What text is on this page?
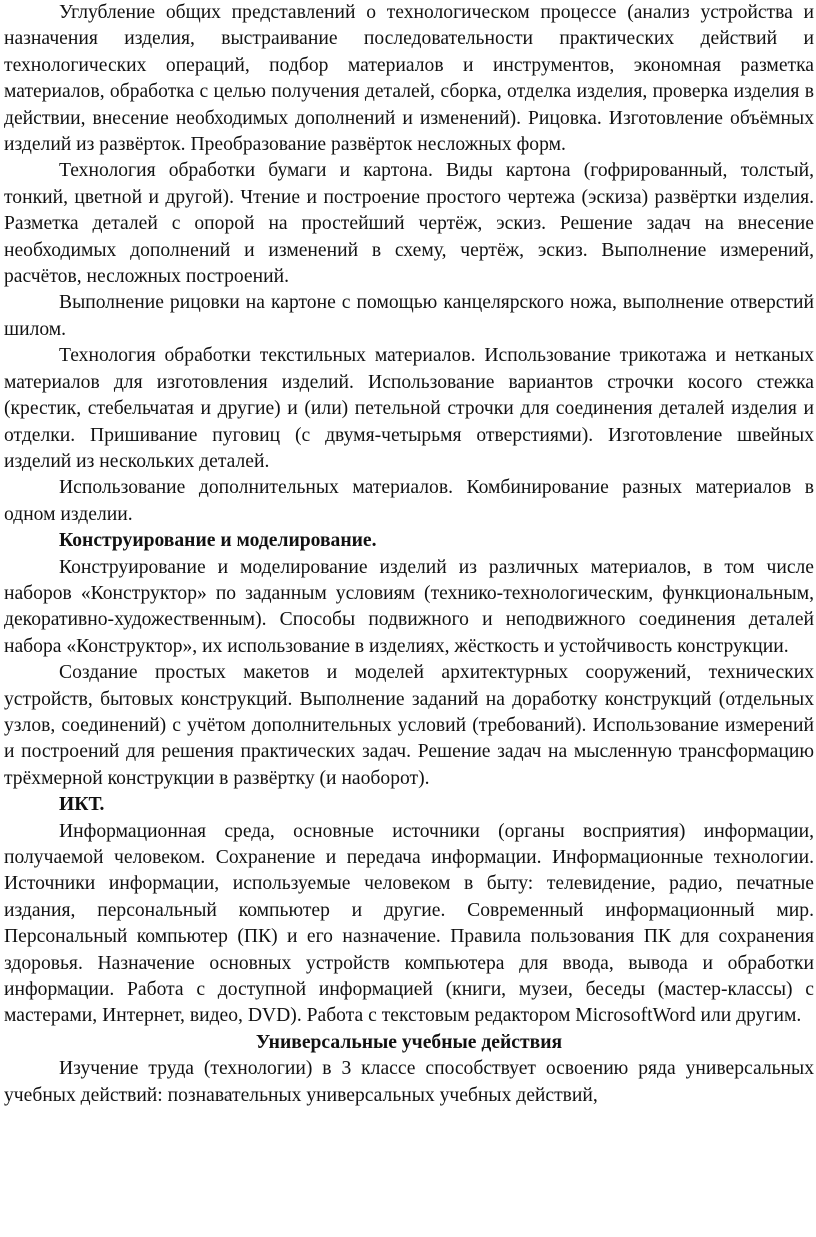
Углубление общих представлений о технологическом процессе (анализ устройства и назначения изделия, выстраивание последовательности практических действий и технологических операций, подбор материалов и инструментов, экономная разметка материалов, обработка с целью получения деталей, сборка, отделка изделия, проверка изделия в действии, внесение необходимых дополнений и изменений). Рицовка. Изготовление объёмных изделий из развёрток. Преобразование развёрток несложных форм.

Технология обработки бумаги и картона. Виды картона (гофрированный, толстый, тонкий, цветной и другой). Чтение и построение простого чертежа (эскиза) развёртки изделия. Разметка деталей с опорой на простейший чертёж, эскиз. Решение задач на внесение необходимых дополнений и изменений в схему, чертёж, эскиз. Выполнение измерений, расчётов, несложных построений.

Выполнение рицовки на картоне с помощью канцелярского ножа, выполнение отверстий шилом.

Технология обработки текстильных материалов. Использование трикотажа и нетканых материалов для изготовления изделий. Использование вариантов строчки косого стежка (крестик, стебельчатая и другие) и (или) петельной строчки для соединения деталей изделия и отделки. Пришивание пуговиц (с двумя-четырьмя отверстиями). Изготовление швейных изделий из нескольких деталей.

Использование дополнительных материалов. Комбинирование разных материалов в одном изделии.

Конструирование и моделирование.

Конструирование и моделирование изделий из различных материалов, в том числе наборов «Конструктор» по заданным условиям (технико-технологическим, функциональным, декоративно-художественным). Способы подвижного и неподвижного соединения деталей набора «Конструктор», их использование в изделиях, жёсткость и устойчивость конструкции.

Создание простых макетов и моделей архитектурных сооружений, технических устройств, бытовых конструкций. Выполнение заданий на доработку конструкций (отдельных узлов, соединений) с учётом дополнительных условий (требований). Использование измерений и построений для решения практических задач. Решение задач на мысленную трансформацию трёхмерной конструкции в развёртку (и наоборот).

ИКТ.

Информационная среда, основные источники (органы восприятия) информации, получаемой человеком. Сохранение и передача информации. Информационные технологии. Источники информации, используемые человеком в быту: телевидение, радио, печатные издания, персональный компьютер и другие. Современный информационный мир. Персональный компьютер (ПК) и его назначение. Правила пользования ПК для сохранения здоровья. Назначение основных устройств компьютера для ввода, вывода и обработки информации. Работа с доступной информацией (книги, музеи, беседы (мастер-классы) с мастерами, Интернет, видео, DVD). Работа с текстовым редактором MicrosoftWord или другим.

Универсальные учебные действия

Изучение труда (технологии) в 3 классе способствует освоению ряда универсальных учебных действий: познавательных универсальных учебных действий,
